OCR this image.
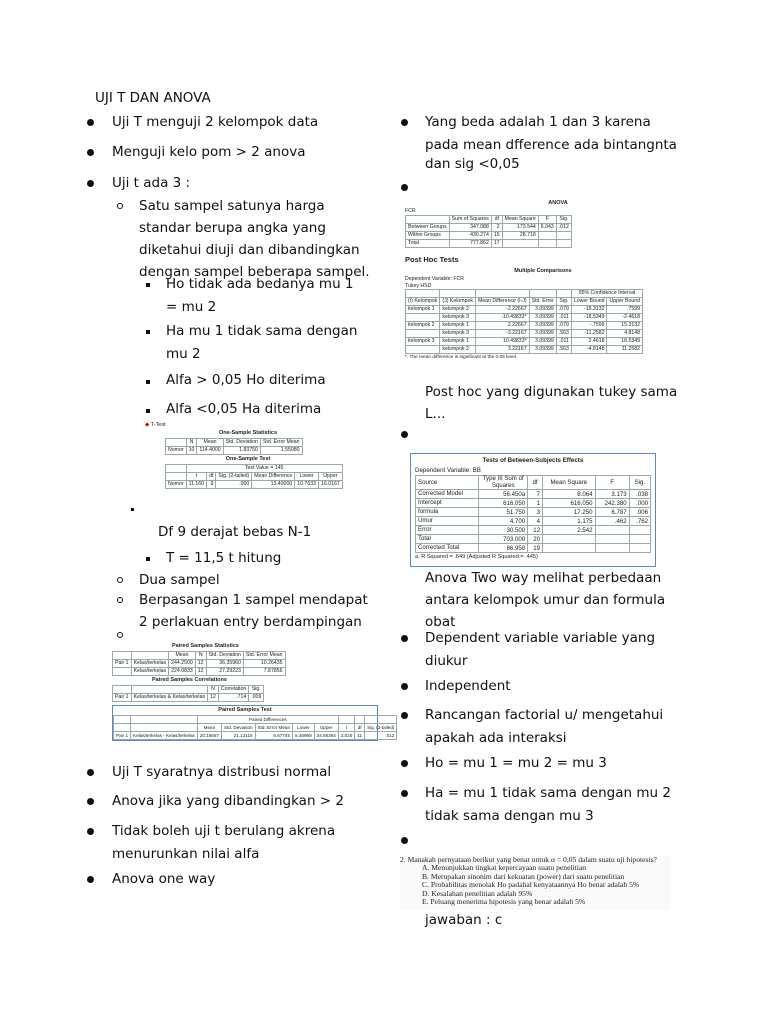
UJI T DAN ANOVA
Uji T menguji 2 kelompok data
Menguji kelo pom > 2 anova
Uji t ada 3 :
Satu sampel satunya harga
standar berupa angka yang
diketahui diuji dan dibandingkan
dengan sampel beberapa sampel.
Ho tidak ada bedanya mu 1
= mu 2
Ha mu 1 tidak sama dengan
mu 2
Alfa > 0,05 Ho diterima
Alfa <0,05 Ha diterima
◆ T-Test
One-Sample Statistics
	N	Mean	Std. Deviation	Std. Error Mean
Nomor	10	114.4000	1.83750	1.55080
One-Sample Test
	Test Value = 145					
	t	df	Sig. (2-tailed)	Mean Difference	Lower	Upper
Nomor	11.160	9	.000	13.40000	10.7633	16.0167
Df 9 derajat bebas N-1
T = 11,5 t hitung
Dua sampel
Berpasangan 1 sampel mendapat
2 perlakuan entry berdampingan
Paired Samples Statistics
		Mean	N	Std. Deviation	Std. Error Mean
Pair 1	Kelas/terkelas	244.2500	12	36.35960	10.26435
	Kelas/terkelas	224.0833	12	27.29223	7.87856
Paired Samples Correlations
		N	Correlation	Sig.
Pair 1	Kelas/terkelas & Kelas/terkelas	12	.714	.009
Paired Samples Test
		Paired Differences							
		Mean	Std. Deviation	Std. Error Mean	Lower	Upper	t	df	Sig. (2-tailed)
Pair 1	Kelas/terkelas - Kelas/terkelas	20.16667	21.13116	6.67745	5.46969	34.86364	3.020	11	.012
Uji T syaratnya distribusi normal
Anova jika yang dibandingkan > 2
Tidak boleh uji t berulang akrena
menurunkan nilai alfa
Anova one way
Yang beda adalah 1 dan 3 karena
pada mean dfference ada bintangnta
dan sig <0,05
ANOVA
FCR
	Sum of Squares	df	Mean Square	F	Sig.
Between Groups	347.088	2	173.544	6.043	.012
Within Groups	430.274	15	28.718		
Total	777.862	17			
Post Hoc Tests
Multiple Comparisons
Dependent Variable: FCR
Tukey HSD
					95% Confidence Interval	
(I) Kelompok	(J) Kelompok	Mean Difference (I-J)	Std. Error	Sig.	Lower Bound	Upper Bound
kelompok 1	kelompok 2	-2.22667	3.09399	.079	-15.3132	.7599
	kelompok 3	-10.49833*	3.09399	.011	-18.5349	-2.4618
kelompok 2	kelompok 1	2.22667	3.09399	.079	-.7599	15.3132
	kelompok 3	-3.22167	3.09399	.563	-11.2582	4.8148
kelompok 3	kelompok 1	10.49833*	3.09399	.011	2.4618	18.5349
	kelompok 2	3.22167	3.09399	.563	-4.8148	11.2582
*. The mean difference is significant at the 0.05 level.
Post hoc yang digunakan tukey sama
L...
Tests of Between-Subjects Effects
Dependent Variable: BB
Source	Type III Sum of Squares	df	Mean Square	F	Sig.
Corrected Model	56.450a	7	8.064	3.173	.038
Intercept	616.050	1	616.050	242.380	.000
formula	51.750	3	17.250	6.787	.006
Umur	4.700	4	1.175	.462	.762
Error	30.500	12	2.542		
Total	703.000	20			
Corrected Total	86.950	19			
a. R Squared = .649 (Adjusted R Squared = .445)
Anova Two way melihat perbedaan
antara kelompok umur dan formula
obat
Dependent variable variable yang
diukur
Independent
Rancangan factorial u/ mengetahui
apakah ada interaksi
Ho = mu 1 = mu 2 = mu 3
Ha = mu 1 tidak sama dengan mu 2
tidak sama dengan mu 3
2. Manakah pernyataan berikut yang benar untuk α = 0,05 dalam suatu uji hipotesis?
A. Menunjukkan tingkat kepercayaan suatu penelitian
B. Merupakan sinonim dari kekuatan (power) dari suatu penelitian
C. Probabilitas menolak Ho padahal kenyataannya Ho benar adalah 5%
D. Kesalahan penelitian adalah 95%
E. Peluang menerima hipotesis yang benar adalah 5%
jawaban : c
